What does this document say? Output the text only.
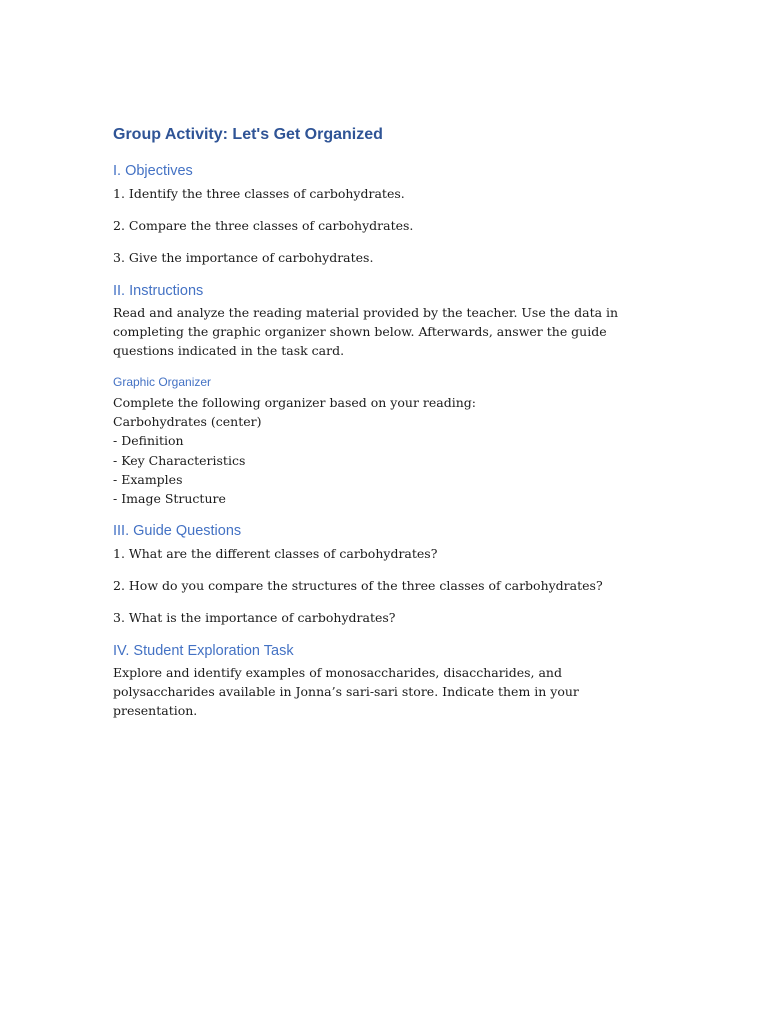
Group Activity: Let's Get Organized
I. Objectives

1. Identify the three classes of carbohydrates.

2. Compare the three classes of carbohydrates.

3. Give the importance of carbohydrates.

II. Instructions

Read and analyze the reading material provided by the teacher. Use the data in completing the graphic organizer shown below. Afterwards, answer the guide questions indicated in the task card.

Graphic Organizer

Complete the following organizer based on your reading:

Carbohydrates (center)

- Definition

- Key Characteristics

- Examples

- Image Structure

III. Guide Questions

1. What are the different classes of carbohydrates?

2. How do you compare the structures of the three classes of carbohydrates?

3. What is the importance of carbohydrates?

IV. Student Exploration Task

Explore and identify examples of monosaccharides, disaccharides, and polysaccharides available in Jonna’s sari-sari store. Indicate them in your presentation.
